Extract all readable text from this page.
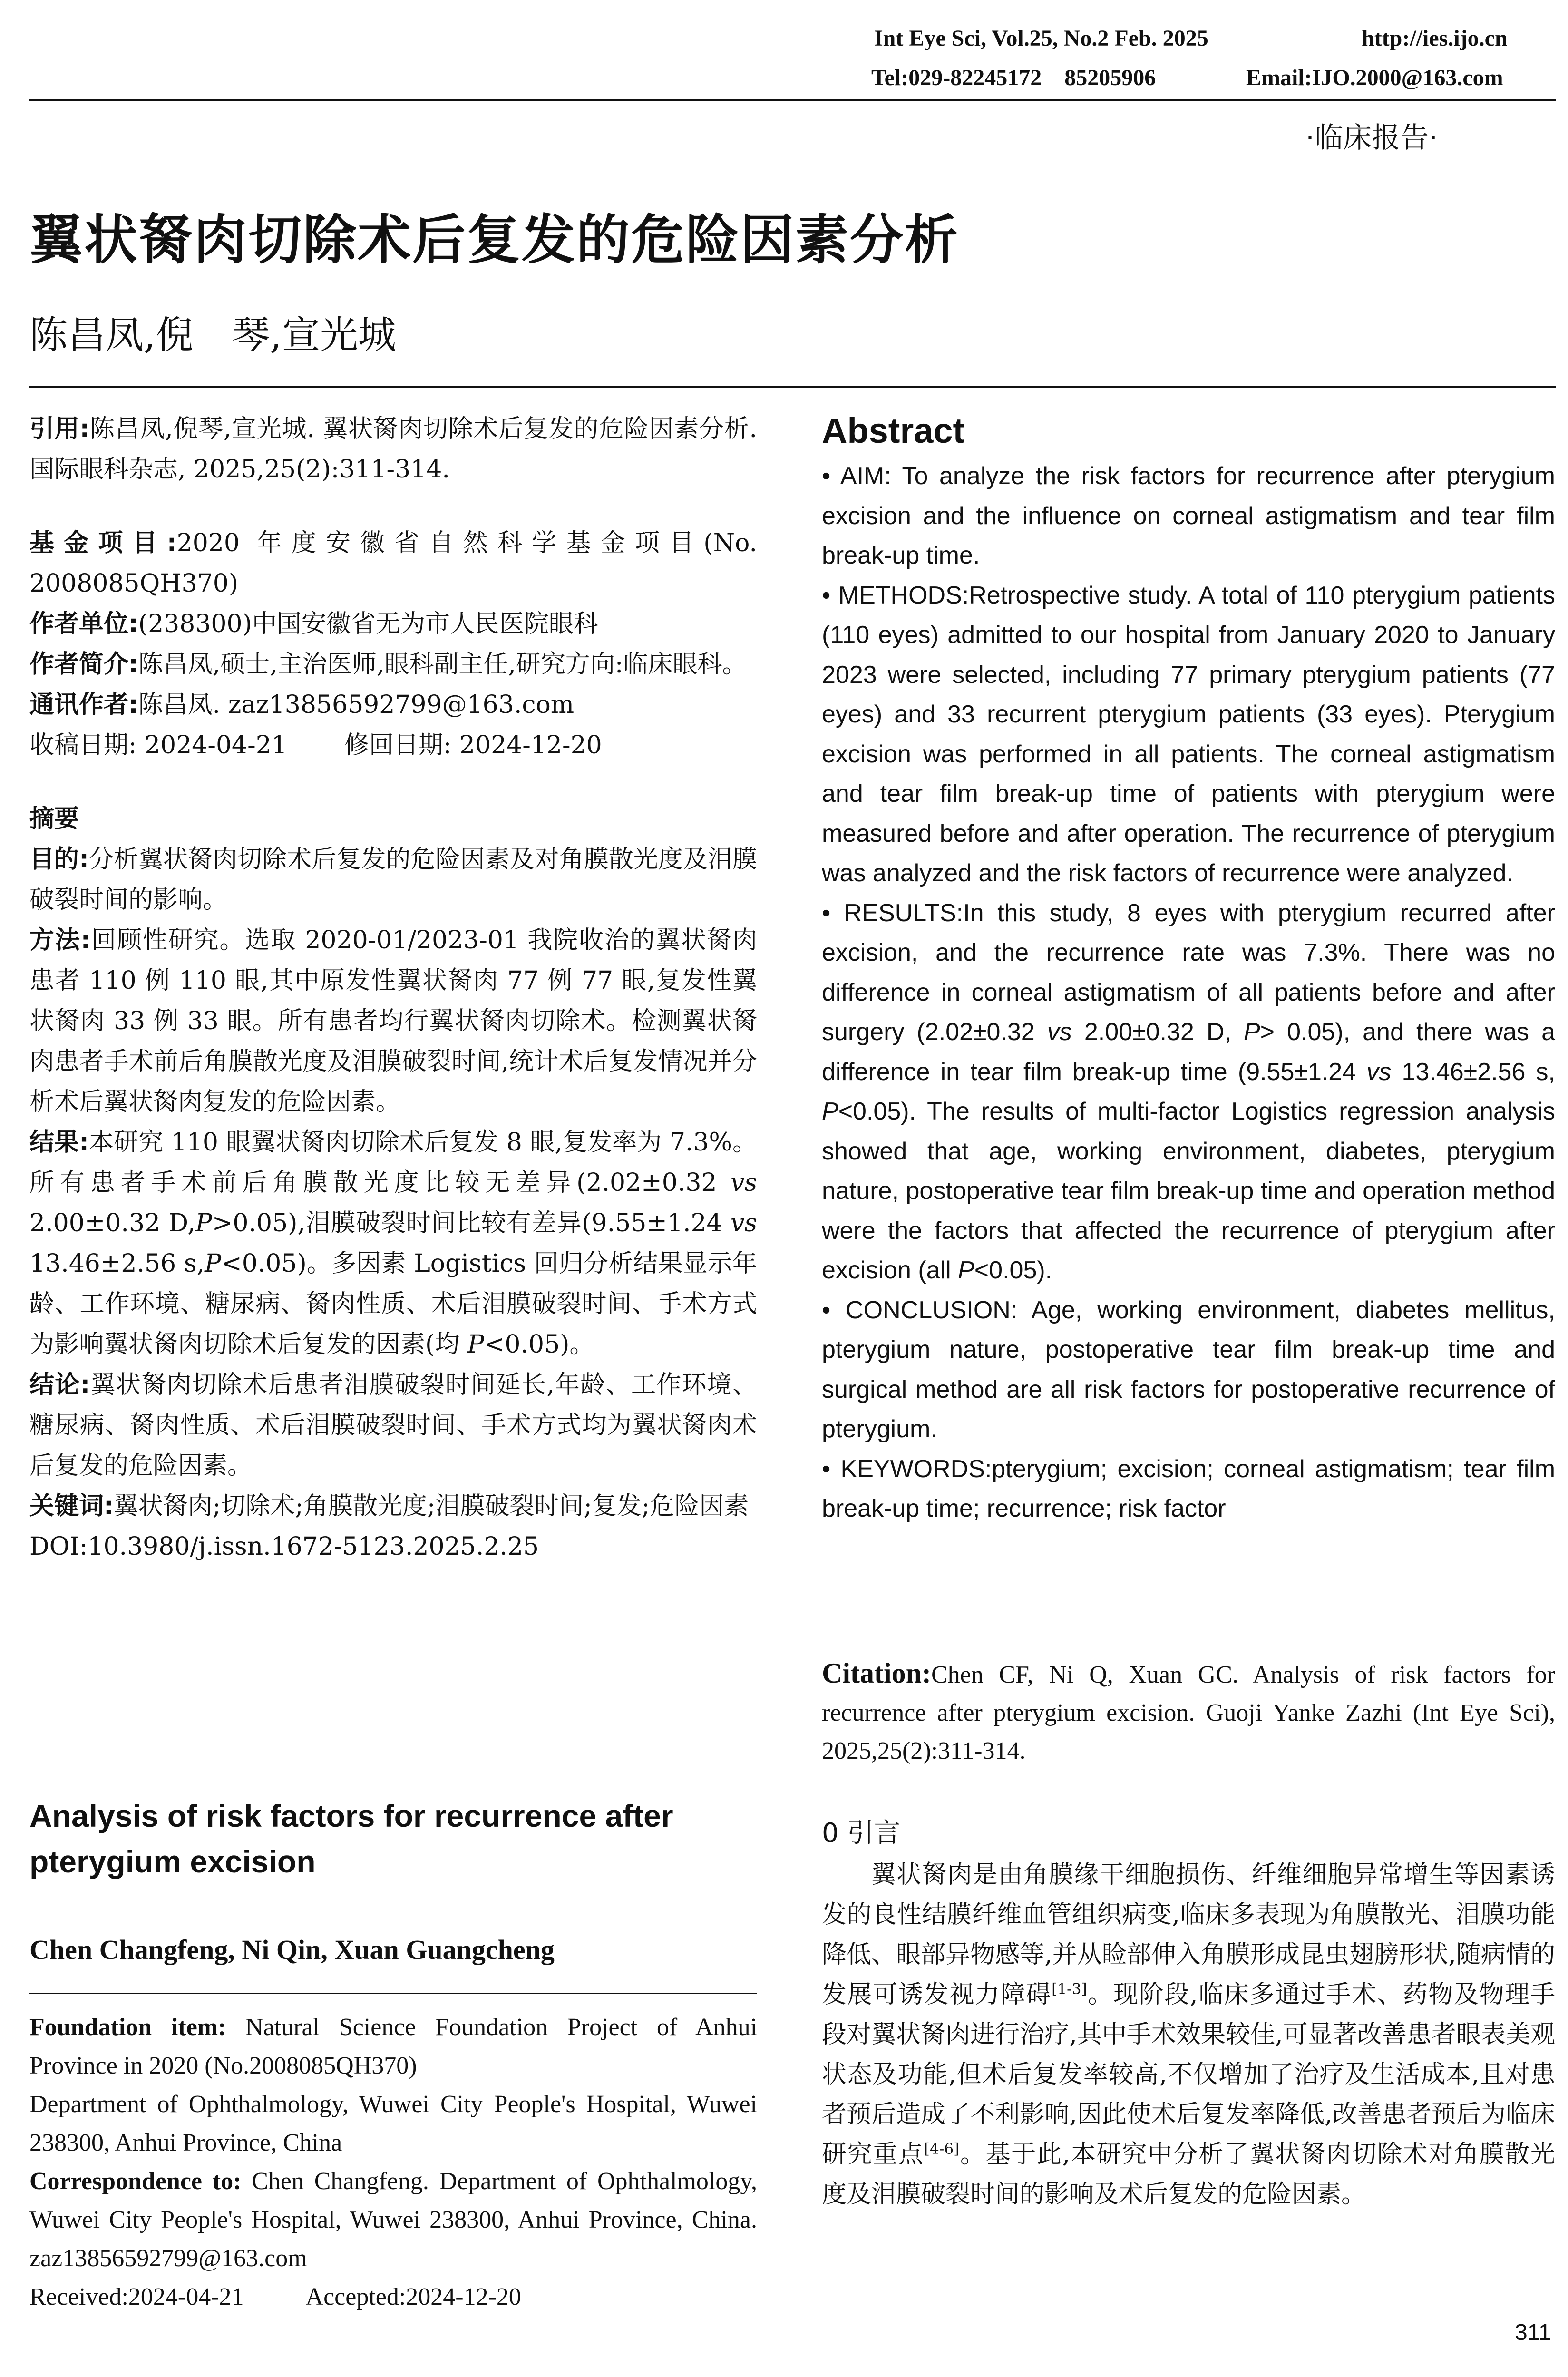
Int Eye Sci, Vol.25, No.2 Feb. 2025	http://ies.ijo.cn
Tel:029-82245172    85205906	Email:IJO.2000@163.com
·临床报告·
翼状胬肉切除术后复发的危险因素分析
陈昌凤,倪　琴,宣光城

引用:陈昌凤,倪琴,宣光城. 翼状胬肉切除术后复发的危险因素分析. 国际眼科杂志, 2025,25(2):311-314.

基金项目:2020 年度安徽省自然科学基金项目(No. 2008085QH370)

作者单位:(238300)中国安徽省无为市人民医院眼科

作者简介:陈昌凤,硕士,主治医师,眼科副主任,研究方向:临床眼科。

通讯作者:陈昌凤. zaz13856592799@163.com

收稿日期: 2024-04-21 修回日期: 2024-12-20

摘要

目的:分析翼状胬肉切除术后复发的危险因素及对角膜散光度及泪膜破裂时间的影响。

方法:回顾性研究。选取 2020-01/2023-01 我院收治的翼状胬肉患者 110 例 110 眼,其中原发性翼状胬肉 77 例 77 眼,复发性翼状胬肉 33 例 33 眼。所有患者均行翼状胬肉切除术。检测翼状胬肉患者手术前后角膜散光度及泪膜破裂时间,统计术后复发情况并分析术后翼状胬肉复发的危险因素。

结果:本研究 110 眼翼状胬肉切除术后复发 8 眼,复发率为 7.3%。所有患者手术前后角膜散光度比较无差异(2.02±0.32 vs 2.00±0.32 D,P>0.05),泪膜破裂时间比较有差异(9.55±1.24 vs 13.46±2.56 s,P<0.05)。多因素 Logistics 回归分析结果显示年龄、工作环境、糖尿病、胬肉性质、术后泪膜破裂时间、手术方式为影响翼状胬肉切除术后复发的因素(均 P<0.05)。

结论:翼状胬肉切除术后患者泪膜破裂时间延长,年龄、工作环境、糖尿病、胬肉性质、术后泪膜破裂时间、手术方式均为翼状胬肉术后复发的危险因素。

关键词:翼状胬肉;切除术;角膜散光度;泪膜破裂时间;复发;危险因素

DOI:10.3980/j.issn.1672-5123.2025.2.25

Analysis of risk factors for recurrence after pterygium excision
Chen Changfeng, Ni Qin, Xuan Guangcheng

Foundation item: Natural Science Foundation Project of Anhui Province in 2020 (No.2008085QH370)

Department of Ophthalmology, Wuwei City People's Hospital, Wuwei 238300, Anhui Province, China

Correspondence to: Chen Changfeng. Department of Ophthalmology, Wuwei City People's Hospital, Wuwei 238300, Anhui Province, China. zaz13856592799@163.com

Received:2024-04-21	Accepted:2024-12-20

Abstract

• AIM: To analyze the risk factors for recurrence after pterygium excision and the influence on corneal astigmatism and tear film break-up time.

• METHODS:Retrospective study. A total of 110 pterygium patients (110 eyes) admitted to our hospital from January 2020 to January 2023 were selected, including 77 primary pterygium patients (77 eyes) and 33 recurrent pterygium patients (33 eyes). Pterygium excision was performed in all patients. The corneal astigmatism and tear film break-up time of patients with pterygium were measured before and after operation. The recurrence of pterygium was analyzed and the risk factors of recurrence were analyzed.

• RESULTS:In this study, 8 eyes with pterygium recurred after excision, and the recurrence rate was 7.3%. There was no difference in corneal astigmatism of all patients before and after surgery (2.02±0.32 vs 2.00±0.32 D, P> 0.05), and there was a difference in tear film break-up time (9.55±1.24 vs 13.46±2.56 s, P<0.05). The results of multi-factor Logistics regression analysis showed that age, working environment, diabetes, pterygium nature, postoperative tear film break-up time and operation method were the factors that affected the recurrence of pterygium after excision (all P<0.05).

• CONCLUSION: Age, working environment, diabetes mellitus, pterygium nature, postoperative tear film break-up time and surgical method are all risk factors for postoperative recurrence of pterygium.

• KEYWORDS:pterygium; excision; corneal astigmatism; tear film break-up time; recurrence; risk factor

Citation:Chen CF, Ni Q, Xuan GC. Analysis of risk factors for recurrence after pterygium excision. Guoji Yanke Zazhi (Int Eye Sci), 2025,25(2):311-314.

0 引言

翼状胬肉是由角膜缘干细胞损伤、纤维细胞异常增生等因素诱发的良性结膜纤维血管组织病变,临床多表现为角膜散光、泪膜功能降低、眼部异物感等,并从睑部伸入角膜形成昆虫翅膀形状,随病情的发展可诱发视力障碍[1-3]。现阶段,临床多通过手术、药物及物理手段对翼状胬肉进行治疗,其中手术效果较佳,可显著改善患者眼表美观状态及功能,但术后复发率较高,不仅增加了治疗及生活成本,且对患者预后造成了不利影响,因此使术后复发率降低,改善患者预后为临床研究重点[4-6]。基于此,本研究中分析了翼状胬肉切除术对角膜散光度及泪膜破裂时间的影响及术后复发的危险因素。

311
